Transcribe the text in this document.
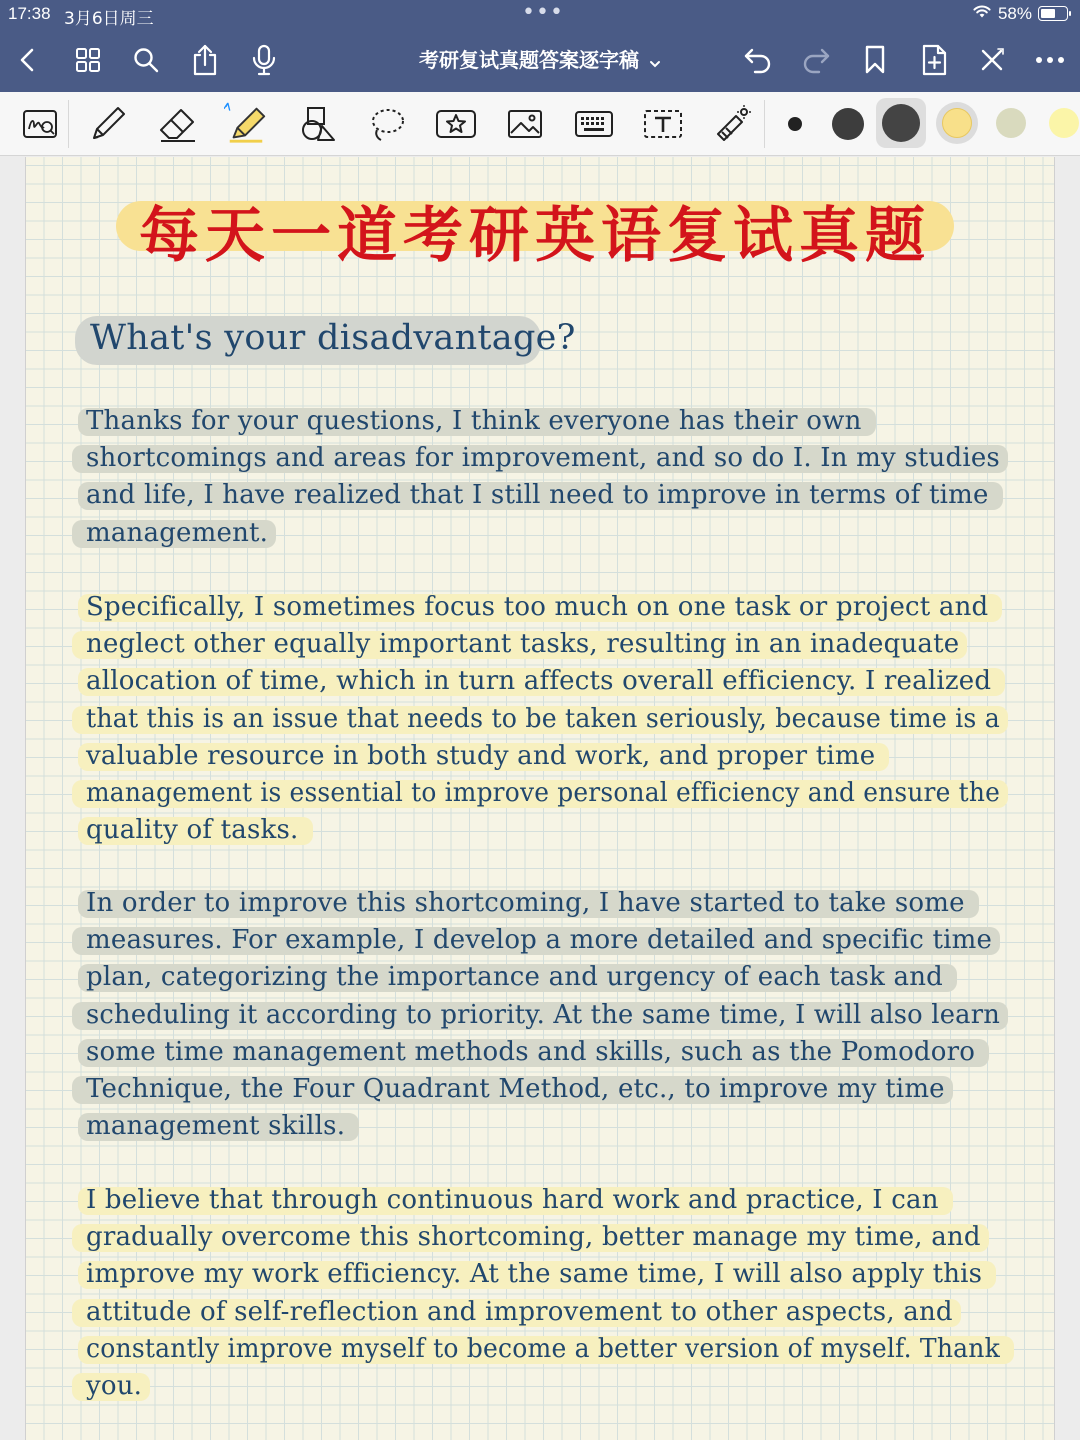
17:38 3月6日周三	•••	58%
考研复试真题答案逐字稿
每天一道考研英语复试真题
What's your disadvantage?
Thanks for your questions, I think everyone has their own
shortcomings and areas for improvement, and so do I. In my studies
and life, I have realized that I still need to improve in terms of time
management.
Specifically, I sometimes focus too much on one task or project and
neglect other equally important tasks, resulting in an inadequate
allocation of time, which in turn affects overall efficiency. I realized
that this is an issue that needs to be taken seriously, because time is a
valuable resource in both study and work, and proper time
management is essential to improve personal efficiency and ensure the
quality of tasks.
In order to improve this shortcoming, I have started to take some
measures. For example, I develop a more detailed and specific time
plan, categorizing the importance and urgency of each task and
scheduling it according to priority. At the same time, I will also learn
some time management methods and skills, such as the Pomodoro
Technique, the Four Quadrant Method, etc., to improve my time
management skills.
I believe that through continuous hard work and practice, I can
gradually overcome this shortcoming, better manage my time, and
improve my work efficiency. At the same time, I will also apply this
attitude of self-reflection and improvement to other aspects, and
constantly improve myself to become a better version of myself. Thank
you.
